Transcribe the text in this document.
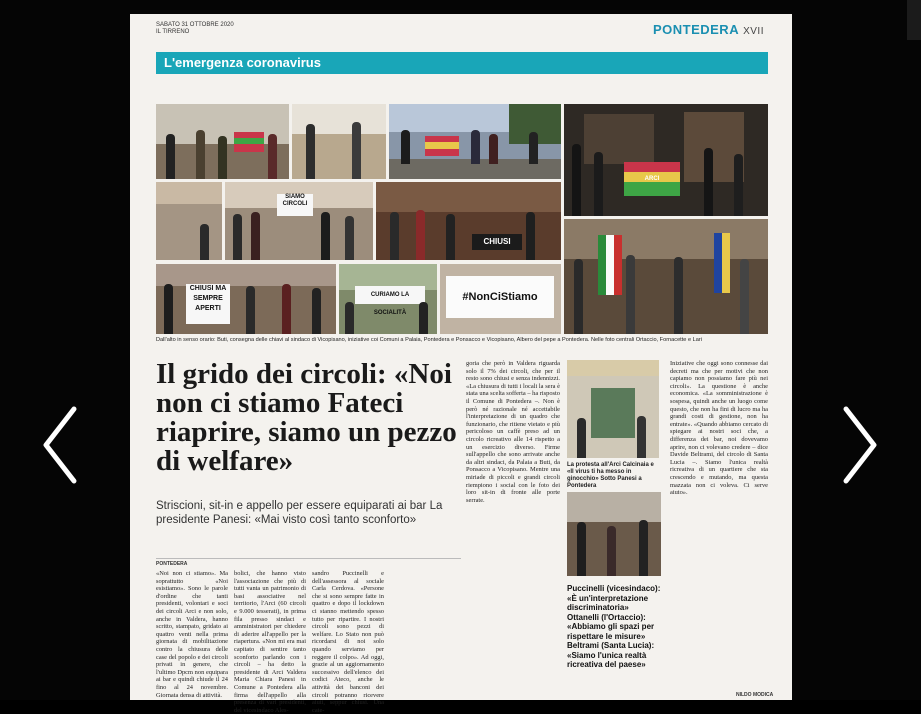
SABATO 31 OTTOBRE 2020
IL TIRRENO	PONTEDERA XVII
L'emergenza coronavirus
ARCI
SIAMO CIRCOLI
CHIUSI
CHIUSI MA SEMPRE APERTI
CURIAMO LA SOCIALITÀ
#NonCiStiamo
Dall'alto in senso orario: Buti, consegna delle chiavi al sindaco di Vicopisano, iniziative coi Comuni a Palaia, Pontedera e Ponsacco e Vicopisano, Albero del pepe a Pontedera. Nelle foto centrali Ortaccio, Fornacette e Lari
Il grido dei circoli: «Noi non ci stiamo Fateci riaprire, siamo un pezzo di welfare»
Striscioni, sit-in e appello per essere equiparati ai bar La presidente Panesi: «Mai visto così tanto sconforto»
PONTEDERA
«Noi non ci stiamo». Ma soprattutto «Noi esistiamo». Sono le parole d'ordine che tanti presidenti, volontari e soci dei circoli Arci e non solo, anche in Valdera, hanno scritto, stampato, gridato ai quattro venti nella prima giornata di mobilitazione contro la chiusura delle case del popolo e dei circoli privati in genere, che l'ultimo Dpcm non equipara ai bar e quindi chiude il 24 fino al 24 novembre. Giornata densa di attività.
bolici, che hanno visto l'associazione che più di tutti vanta un patrimonio di basi associative nel territorio, l'Arci (60 circoli e 9.000 tesserati), in prima fila presso sindaci e amministratori per chiedere di aderire all'appello per la riapertura. «Non mi era mai capitato di sentire tanto sconforto parlando con i circoli – ha detto la presidente di Arci Valdera Maria Chiara Panesi in Comune a Pontedera alla firma dell'appello alla presenza di vari presidenti, del vicesindaco Ales-
sandro Puccinelli e dell'assessora al sociale Carla Cerdova. «Persone che si sono sempre fatte in quattro e dopo il lockdown ci stanno mettendo spesso tutto per ripartire. I nostri circoli sono pezzi di welfare. Lo Stato non può ricordarsi di noi solo quando serviamo per reggere il colpo». Ad oggi, grazie al un aggiornamento successivo dell'elenco dei codici Ateco, anche le attività dei banconi dei circoli potranno ricevere aiuti, seppur chiusi. Una cate-
goria che però in Valdera riguarda solo il 7% dei circoli, che per il resto sono chiusi e senza indennizzi. «La chiusura di tutti i locali la sera è stata una scelta sofferta – ha risposto il Comune di Pontedera –. Non è però né razionale né accettabile l'interpretazione di un quadro che funzionario, che ritiene vietato e più pericoloso un caffè preso ad un circolo ricreativo alle 14 rispetto a un esercizio diverso. Firme sull'appello che sono arrivate anche da altri sindaci, da Palaia a Buti, da Ponsacco a Vicopisano. Mentre una miriade di piccoli e grandi circoli riempiono i social con le foto dei loro sit-in di fronte alle porte serrate.
La protesta all'Arci Calcinaia e «Il virus ti ha messo in ginocchio» Sotto Panesi a Pontedera
Puccinelli (vicesindaco): «È un'interpretazione discriminatoria» Ottanelli (l'Ortaccio): «Abbiamo gli spazi per rispettare le misure» Beltrami (Santa Lucia): «Siamo l'unica realtà ricreativa del paese»
Iniziative che oggi sono connesse dai decreti ma che per motivi che non capiamo non possiamo fare più nei circoli». La questione è anche economica. «La somministrazione è sospesa, quindi anche un luogo come questo, che non ha fini di lucro ma ha grandi costi di gestione, non ha entrate». «Quando abbiamo cercato di spiegare ai nostri soci che, a differenza dei bar, noi dovevamo aprire, non ci volevano credere – dice Davide Beltrami, del circolo di Santa Lucia –. Siamo l'unica realtà ricreativa di un quartiere che sta crescendo e mutando, ma questa mazzata non ci voleva. Ci serve aiuto».
NILDO MODICA
